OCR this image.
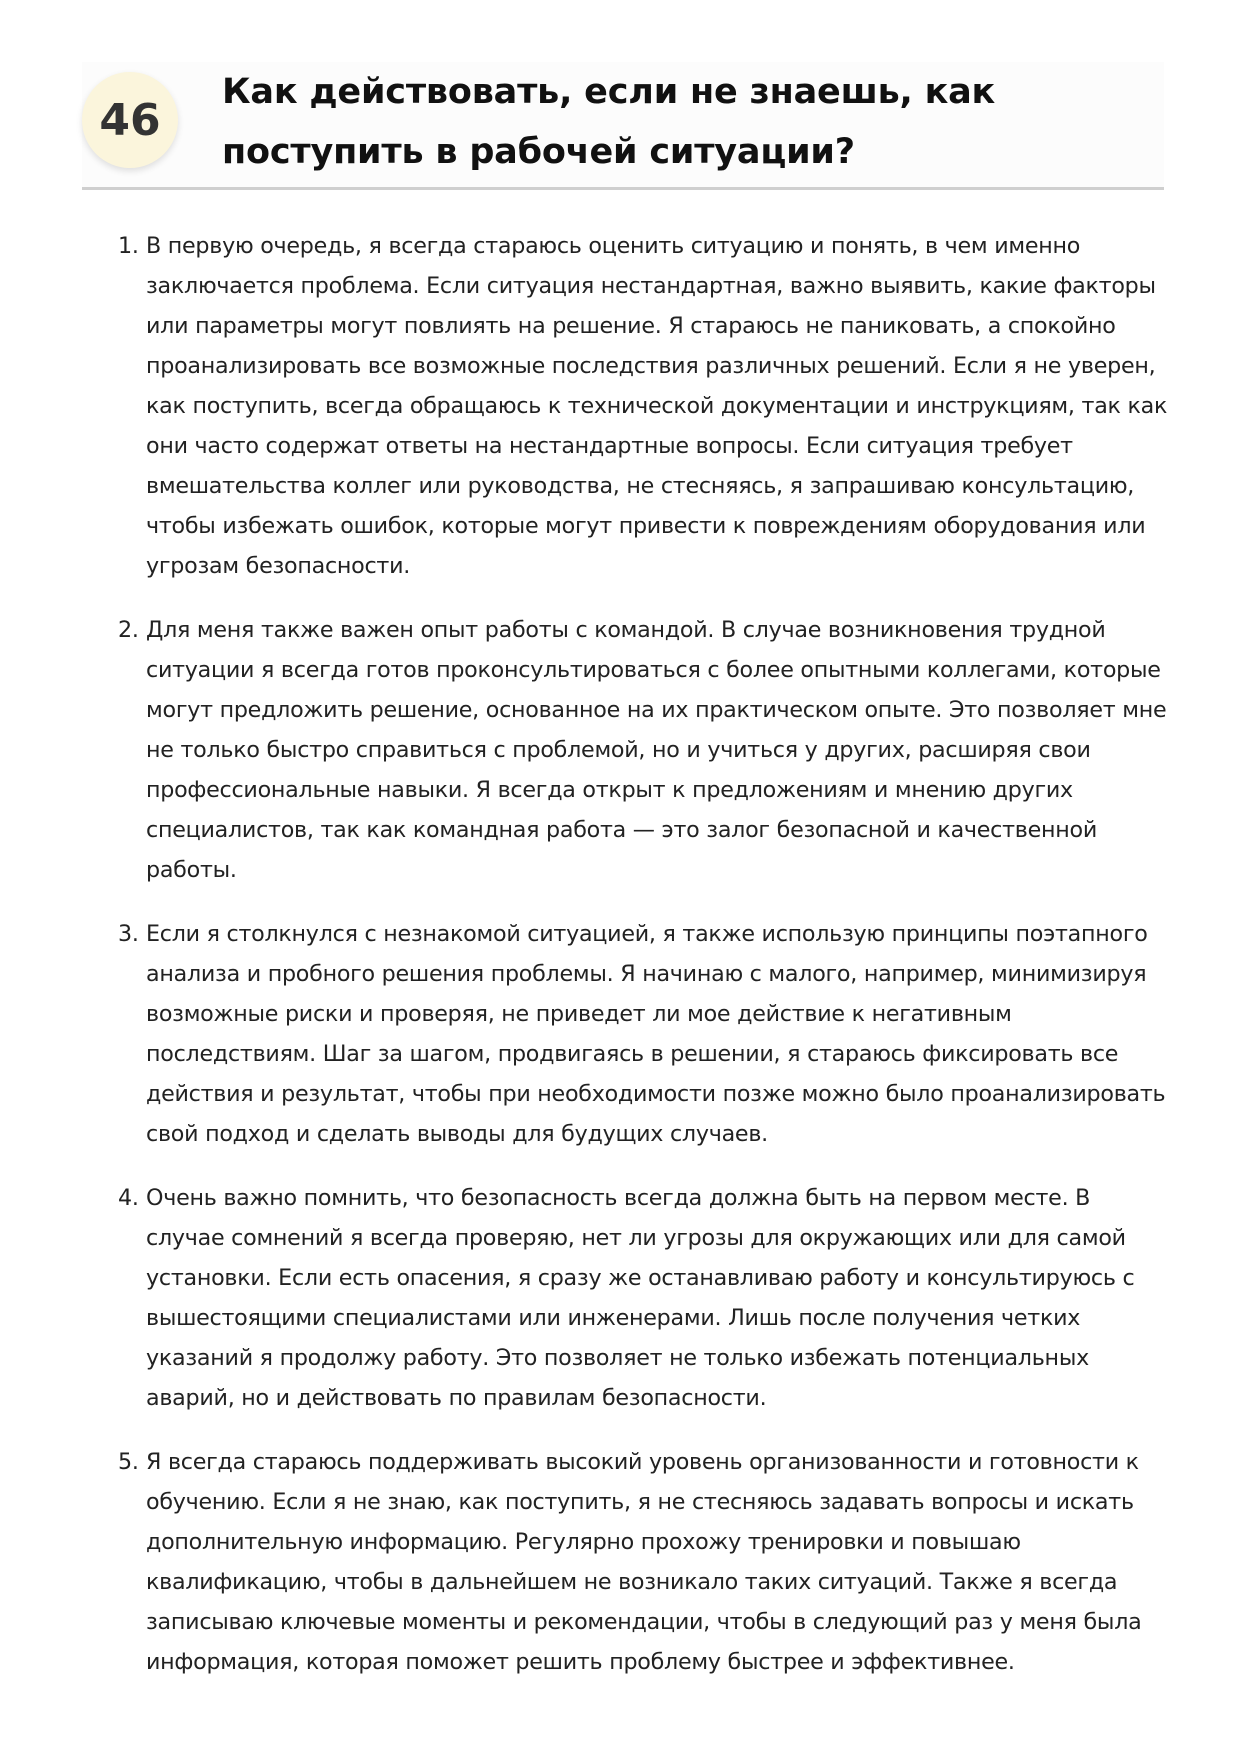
46
Как действовать, если не знаешь, как поступить в рабочей ситуации?
1. В первую очередь, я всегда стараюсь оценить ситуацию и понять, в чем именно заключается проблема. Если ситуация нестандартная, важно выявить, какие факторы или параметры могут повлиять на решение. Я стараюсь не паниковать, а спокойно проанализировать все возможные последствия различных решений. Если я не уверен, как поступить, всегда обращаюсь к технической документации и инструкциям, так как они часто содержат ответы на нестандартные вопросы. Если ситуация требует вмешательства коллег или руководства, не стесняясь, я запрашиваю консультацию, чтобы избежать ошибок, которые могут привести к повреждениям оборудования или угрозам безопасности.
2. Для меня также важен опыт работы с командой. В случае возникновения трудной ситуации я всегда готов проконсультироваться с более опытными коллегами, которые могут предложить решение, основанное на их практическом опыте. Это позволяет мне не только быстро справиться с проблемой, но и учиться у других, расширяя свои профессиональные навыки. Я всегда открыт к предложениям и мнению других специалистов, так как командная работа — это залог безопасной и качественной работы.
3. Если я столкнулся с незнакомой ситуацией, я также использую принципы поэтапного анализа и пробного решения проблемы. Я начинаю с малого, например, минимизируя возможные риски и проверяя, не приведет ли мое действие к негативным последствиям. Шаг за шагом, продвигаясь в решении, я стараюсь фиксировать все действия и результат, чтобы при необходимости позже можно было проанализировать свой подход и сделать выводы для будущих случаев.
4. Очень важно помнить, что безопасность всегда должна быть на первом месте. В случае сомнений я всегда проверяю, нет ли угрозы для окружающих или для самой установки. Если есть опасения, я сразу же останавливаю работу и консультируюсь с вышестоящими специалистами или инженерами. Лишь после получения четких указаний я продолжу работу. Это позволяет не только избежать потенциальных аварий, но и действовать по правилам безопасности.
5. Я всегда стараюсь поддерживать высокий уровень организованности и готовности к обучению. Если я не знаю, как поступить, я не стесняюсь задавать вопросы и искать дополнительную информацию. Регулярно прохожу тренировки и повышаю квалификацию, чтобы в дальнейшем не возникало таких ситуаций. Также я всегда записываю ключевые моменты и рекомендации, чтобы в следующий раз у меня была информация, которая поможет решить проблему быстрее и эффективнее.
